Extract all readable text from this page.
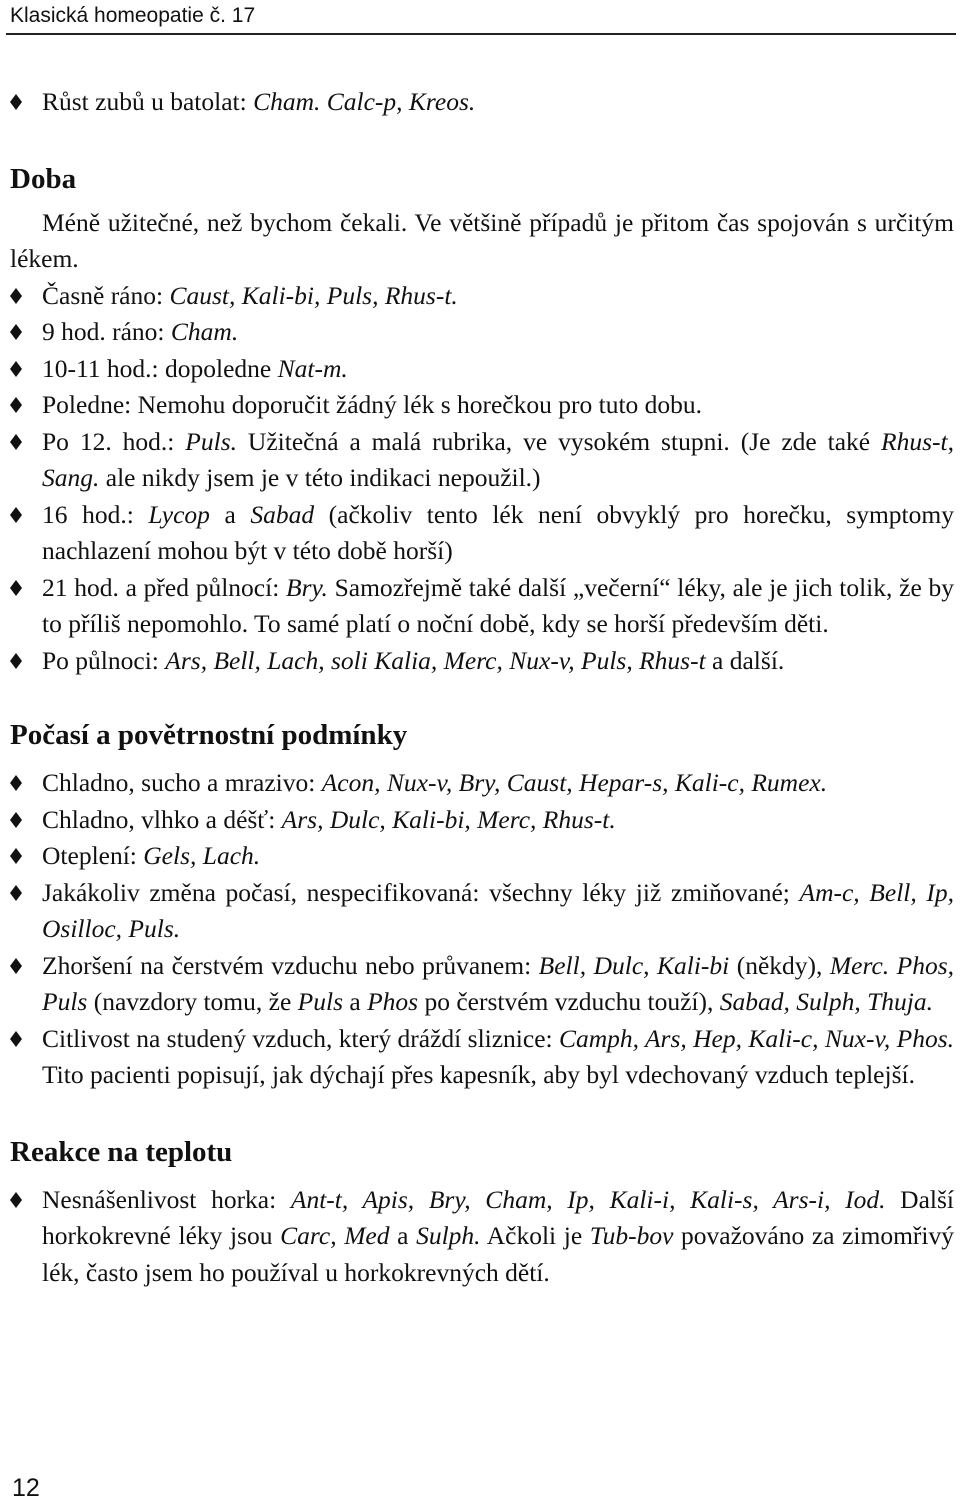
Klasická homeopatie č. 17

Růst zubů u batolat: Cham. Calc-p, Kreos.

Doba

Méně užitečné, než bychom čekali. Ve většině případů je přitom čas spojován s určitým lékem.

Časně ráno: Caust, Kali-bi, Puls, Rhus-t.

9 hod. ráno: Cham.

10-11 hod.: dopoledne Nat-m.

Poledne: Nemohu doporučit žádný lék s horečkou pro tuto dobu.

Po 12. hod.: Puls. Užitečná a malá rubrika, ve vysokém stupni. (Je zde také Rhus-t, Sang. ale nikdy jsem je v této indikaci nepoužil.)

16 hod.: Lycop a Sabad (ačkoliv tento lék není obvyklý pro horečku, symptomy nachlazení mohou být v této době horší)

21 hod. a před půlnocí: Bry. Samozřejmě také další „večerní“ léky, ale je jich tolik, že by to příliš nepomohlo. To samé platí o noční době, kdy se horší především děti.

Po půlnoci: Ars, Bell, Lach, soli Kalia, Merc, Nux-v, Puls, Rhus-t a další.

Počasí a povětrnostní podmínky

Chladno, sucho a mrazivo: Acon, Nux-v, Bry, Caust, Hepar-s, Kali-c, Rumex.

Chladno, vlhko a déšť: Ars, Dulc, Kali-bi, Merc, Rhus-t.

Oteplení: Gels, Lach.

Jakákoliv změna počasí, nespecifikovaná: všechny léky již zmiňované; Am-c, Bell, Ip, Osilloc, Puls.

Zhoršení na čerstvém vzduchu nebo průvanem: Bell, Dulc, Kali-bi (někdy), Merc. Phos, Puls (navzdory tomu, že Puls a Phos po čerstvém vzduchu touží), Sabad, Sulph, Thuja.

Citlivost na studený vzduch, který dráždí sliznice: Camph, Ars, Hep, Kali-c, Nux-v, Phos. Tito pacienti popisují, jak dýchají přes kapesník, aby byl vdechovaný vzduch teplejší.

Reakce na teplotu

Nesnášenlivost horka: Ant-t, Apis, Bry, Cham, Ip, Kali-i, Kali-s, Ars-i, Iod. Další horkokrevné léky jsou Carc, Med a Sulph. Ačkoli je Tub-bov považováno za zimomřivý lék, často jsem ho používal u horkokrevných dětí.

12
